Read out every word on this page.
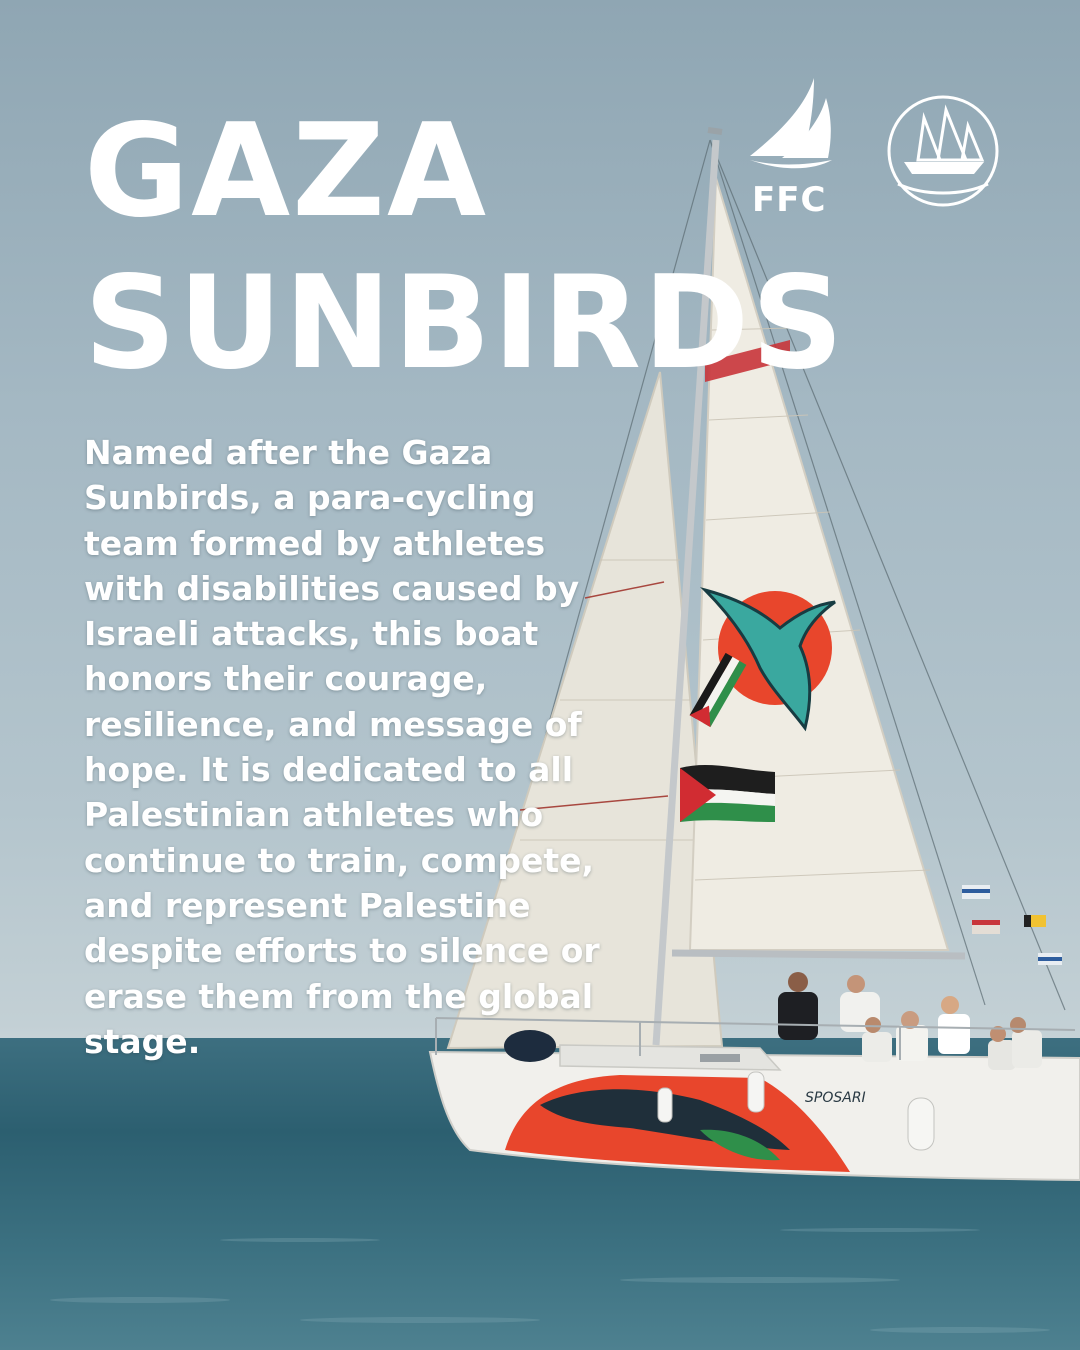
SPOSARI
FFC
GAZA
SUNBIRDS

Named after the Gaza Sunbirds, a para-cycling team formed by athletes with disabilities caused by Israeli attacks, this boat honors their courage, resilience, and message of hope. It is dedicated to all Palestinian athletes who continue to train, compete, and represent Palestine despite efforts to silence or erase them from the global stage.
